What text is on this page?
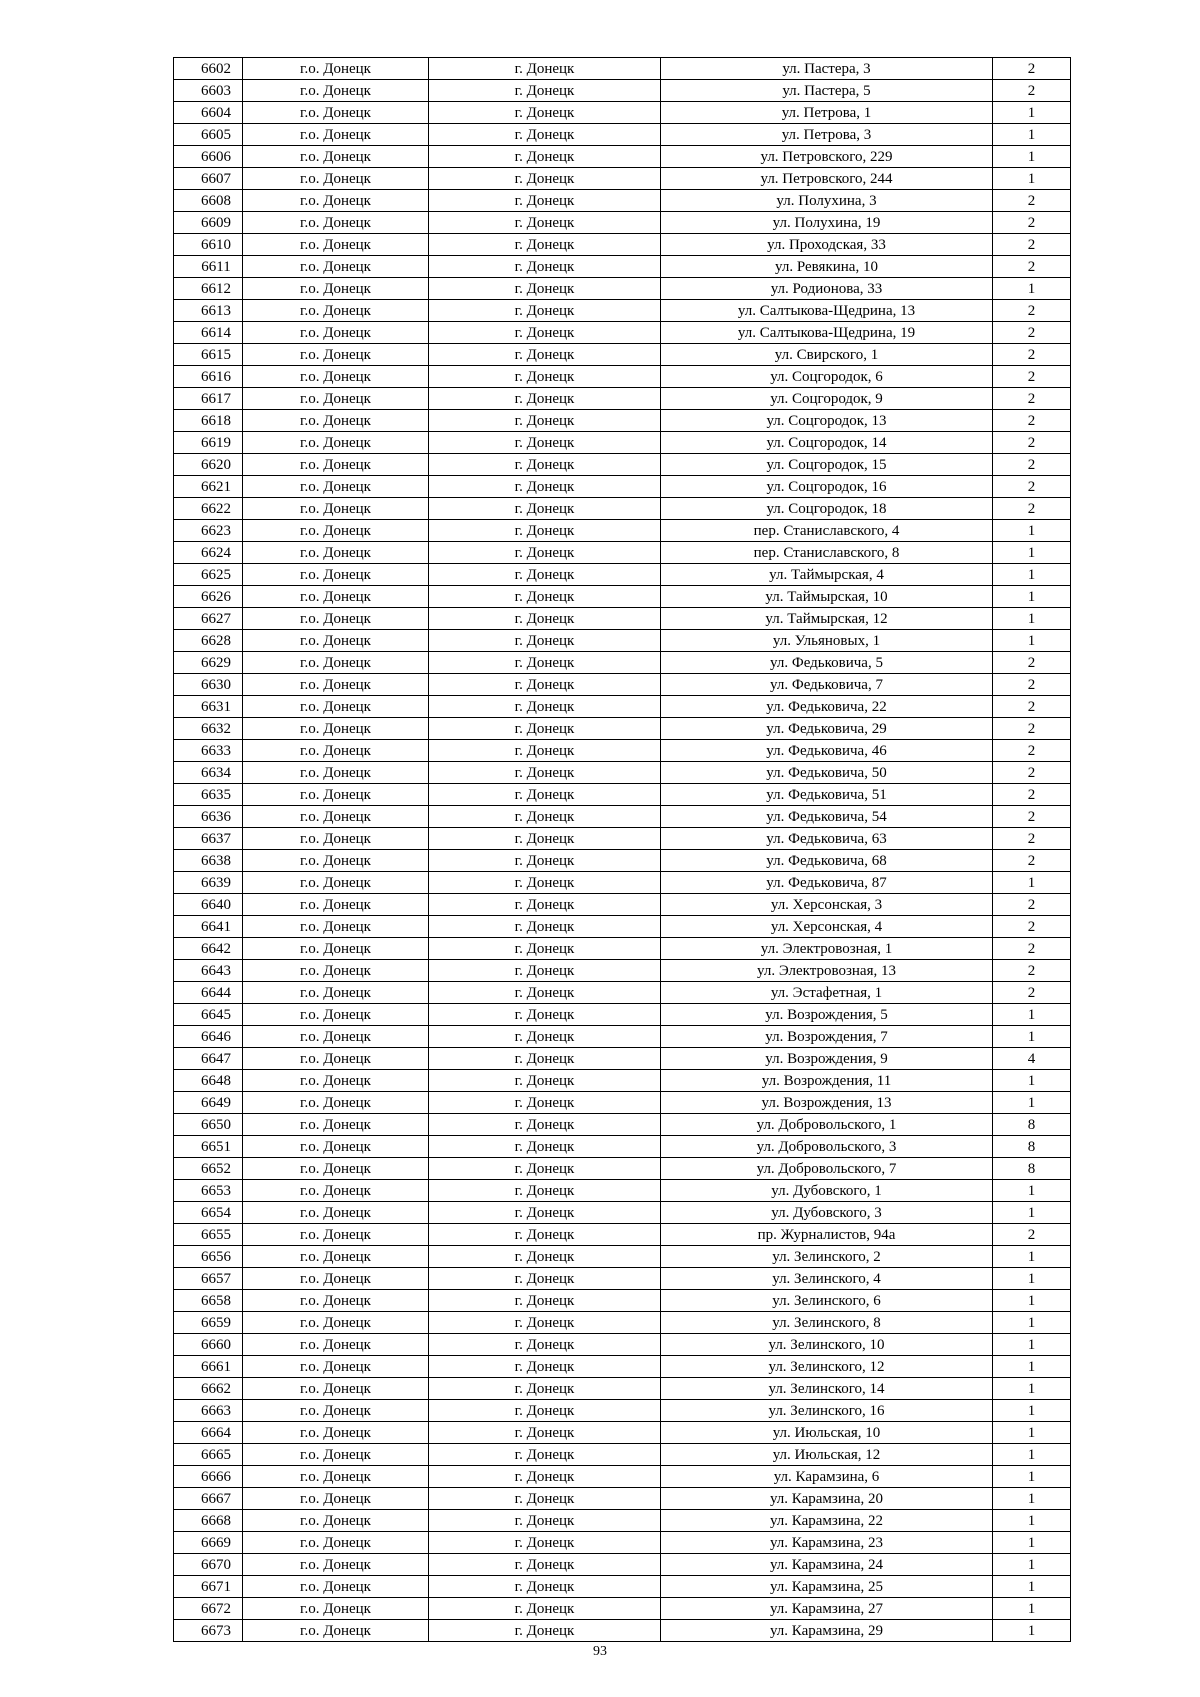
6602	г.о. Донецк	г. Донецк	ул. Пастера, 3	2
6603	г.о. Донецк	г. Донецк	ул. Пастера, 5	2
6604	г.о. Донецк	г. Донецк	ул. Петрова, 1	1
6605	г.о. Донецк	г. Донецк	ул. Петрова, 3	1
6606	г.о. Донецк	г. Донецк	ул. Петровского, 229	1
6607	г.о. Донецк	г. Донецк	ул. Петровского, 244	1
6608	г.о. Донецк	г. Донецк	ул. Полухина, 3	2
6609	г.о. Донецк	г. Донецк	ул. Полухина, 19	2
6610	г.о. Донецк	г. Донецк	ул. Проходская, 33	2
6611	г.о. Донецк	г. Донецк	ул. Ревякина, 10	2
6612	г.о. Донецк	г. Донецк	ул. Родионова, 33	1
6613	г.о. Донецк	г. Донецк	ул. Салтыкова-Щедрина, 13	2
6614	г.о. Донецк	г. Донецк	ул. Салтыкова-Щедрина, 19	2
6615	г.о. Донецк	г. Донецк	ул. Свирского, 1	2
6616	г.о. Донецк	г. Донецк	ул. Соцгородок, 6	2
6617	г.о. Донецк	г. Донецк	ул. Соцгородок, 9	2
6618	г.о. Донецк	г. Донецк	ул. Соцгородок, 13	2
6619	г.о. Донецк	г. Донецк	ул. Соцгородок, 14	2
6620	г.о. Донецк	г. Донецк	ул. Соцгородок, 15	2
6621	г.о. Донецк	г. Донецк	ул. Соцгородок, 16	2
6622	г.о. Донецк	г. Донецк	ул. Соцгородок, 18	2
6623	г.о. Донецк	г. Донецк	пер. Станиславского, 4	1
6624	г.о. Донецк	г. Донецк	пер. Станиславского, 8	1
6625	г.о. Донецк	г. Донецк	ул. Таймырская, 4	1
6626	г.о. Донецк	г. Донецк	ул. Таймырская, 10	1
6627	г.о. Донецк	г. Донецк	ул. Таймырская, 12	1
6628	г.о. Донецк	г. Донецк	ул. Ульяновых, 1	1
6629	г.о. Донецк	г. Донецк	ул. Федьковича, 5	2
6630	г.о. Донецк	г. Донецк	ул. Федьковича, 7	2
6631	г.о. Донецк	г. Донецк	ул. Федьковича, 22	2
6632	г.о. Донецк	г. Донецк	ул. Федьковича, 29	2
6633	г.о. Донецк	г. Донецк	ул. Федьковича, 46	2
6634	г.о. Донецк	г. Донецк	ул. Федьковича, 50	2
6635	г.о. Донецк	г. Донецк	ул. Федьковича, 51	2
6636	г.о. Донецк	г. Донецк	ул. Федьковича, 54	2
6637	г.о. Донецк	г. Донецк	ул. Федьковича, 63	2
6638	г.о. Донецк	г. Донецк	ул. Федьковича, 68	2
6639	г.о. Донецк	г. Донецк	ул. Федьковича, 87	1
6640	г.о. Донецк	г. Донецк	ул. Херсонская, 3	2
6641	г.о. Донецк	г. Донецк	ул. Херсонская, 4	2
6642	г.о. Донецк	г. Донецк	ул. Электровозная, 1	2
6643	г.о. Донецк	г. Донецк	ул. Электровозная, 13	2
6644	г.о. Донецк	г. Донецк	ул. Эстафетная, 1	2
6645	г.о. Донецк	г. Донецк	ул. Возрождения, 5	1
6646	г.о. Донецк	г. Донецк	ул. Возрождения, 7	1
6647	г.о. Донецк	г. Донецк	ул. Возрождения, 9	4
6648	г.о. Донецк	г. Донецк	ул. Возрождения, 11	1
6649	г.о. Донецк	г. Донецк	ул. Возрождения, 13	1
6650	г.о. Донецк	г. Донецк	ул. Добровольского, 1	8
6651	г.о. Донецк	г. Донецк	ул. Добровольского, 3	8
6652	г.о. Донецк	г. Донецк	ул. Добровольского, 7	8
6653	г.о. Донецк	г. Донецк	ул. Дубовского, 1	1
6654	г.о. Донецк	г. Донецк	ул. Дубовского, 3	1
6655	г.о. Донецк	г. Донецк	пр. Журналистов, 94а	2
6656	г.о. Донецк	г. Донецк	ул. Зелинского, 2	1
6657	г.о. Донецк	г. Донецк	ул. Зелинского, 4	1
6658	г.о. Донецк	г. Донецк	ул. Зелинского, 6	1
6659	г.о. Донецк	г. Донецк	ул. Зелинского, 8	1
6660	г.о. Донецк	г. Донецк	ул. Зелинского, 10	1
6661	г.о. Донецк	г. Донецк	ул. Зелинского, 12	1
6662	г.о. Донецк	г. Донецк	ул. Зелинского, 14	1
6663	г.о. Донецк	г. Донецк	ул. Зелинского, 16	1
6664	г.о. Донецк	г. Донецк	ул. Июльская, 10	1
6665	г.о. Донецк	г. Донецк	ул. Июльская, 12	1
6666	г.о. Донецк	г. Донецк	ул. Карамзина, 6	1
6667	г.о. Донецк	г. Донецк	ул. Карамзина, 20	1
6668	г.о. Донецк	г. Донецк	ул. Карамзина, 22	1
6669	г.о. Донецк	г. Донецк	ул. Карамзина, 23	1
6670	г.о. Донецк	г. Донецк	ул. Карамзина, 24	1
6671	г.о. Донецк	г. Донецк	ул. Карамзина, 25	1
6672	г.о. Донецк	г. Донецк	ул. Карамзина, 27	1
6673	г.о. Донецк	г. Донецк	ул. Карамзина, 29	1
93
